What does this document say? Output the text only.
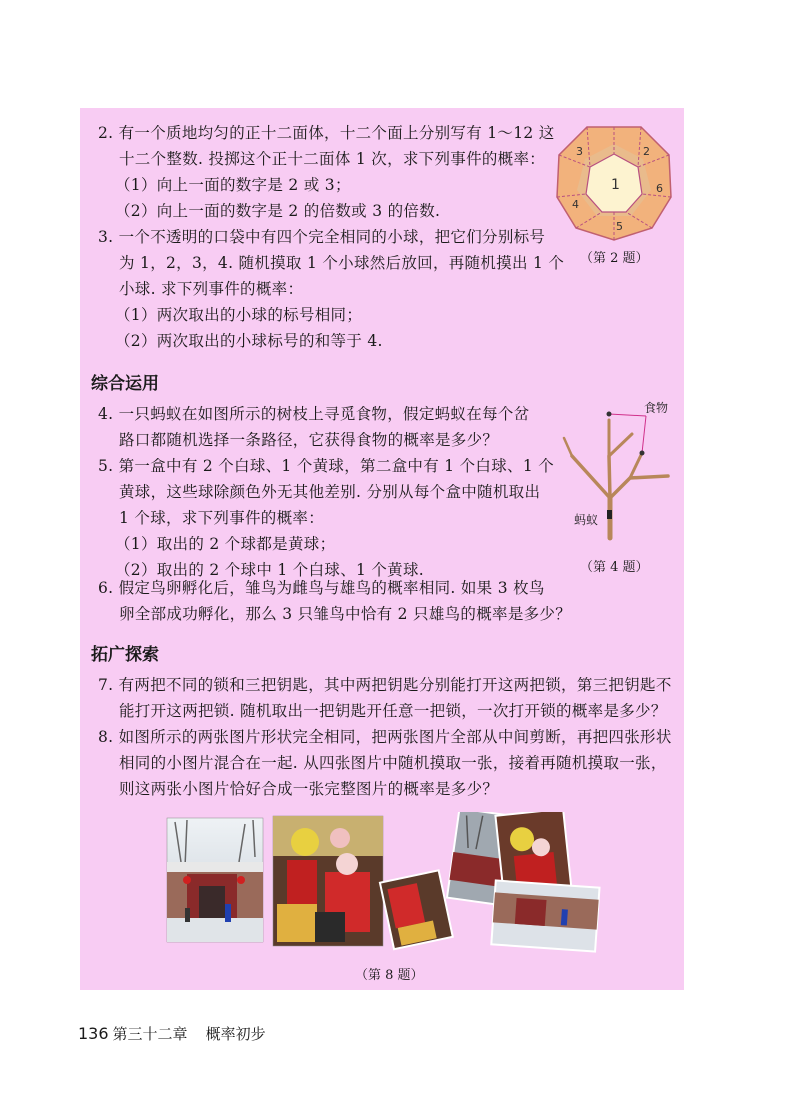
2. 有一个质地均匀的正十二面体，十二个面上分别写有 1～12 这
十二个整数. 投掷这个正十二面体 1 次，求下列事件的概率：
（1）向上一面的数字是 2 或 3；
（2）向上一面的数字是 2 的倍数或 3 的倍数.
1
2
3
4
5
6
（第 2 题）
3. 一个不透明的口袋中有四个完全相同的小球，把它们分别标号
为 1，2，3，4. 随机摸取 1 个小球然后放回，再随机摸出 1 个
小球. 求下列事件的概率：
（1）两次取出的小球的标号相同；
（2）两次取出的小球标号的和等于 4.
综合运用
4. 一只蚂蚁在如图所示的树枝上寻觅食物，假定蚂蚁在每个岔
路口都随机选择一条路径，它获得食物的概率是多少？
5. 第一盒中有 2 个白球、1 个黄球，第二盒中有 1 个白球、1 个
黄球，这些球除颜色外无其他差别. 分别从每个盒中随机取出
1 个球，求下列事件的概率：
（1）取出的 2 个球都是黄球；
（2）取出的 2 个球中 1 个白球、1 个黄球.
食物
蚂蚁
（第 4 题）
6. 假定鸟卵孵化后，雏鸟为雌鸟与雄鸟的概率相同. 如果 3 枚鸟
卵全部成功孵化，那么 3 只雏鸟中恰有 2 只雄鸟的概率是多少？
拓广探索
7. 有两把不同的锁和三把钥匙，其中两把钥匙分别能打开这两把锁，第三把钥匙不
能打开这两把锁. 随机取出一把钥匙开任意一把锁，一次打开锁的概率是多少？
8. 如图所示的两张图片形状完全相同，把两张图片全部从中间剪断，再把四张形状
相同的小图片混合在一起. 从四张图片中随机摸取一张，接着再随机摸取一张，
则这两张小图片恰好合成一张完整图片的概率是多少？
（第 8 题）
136 第三十二章 概率初步
